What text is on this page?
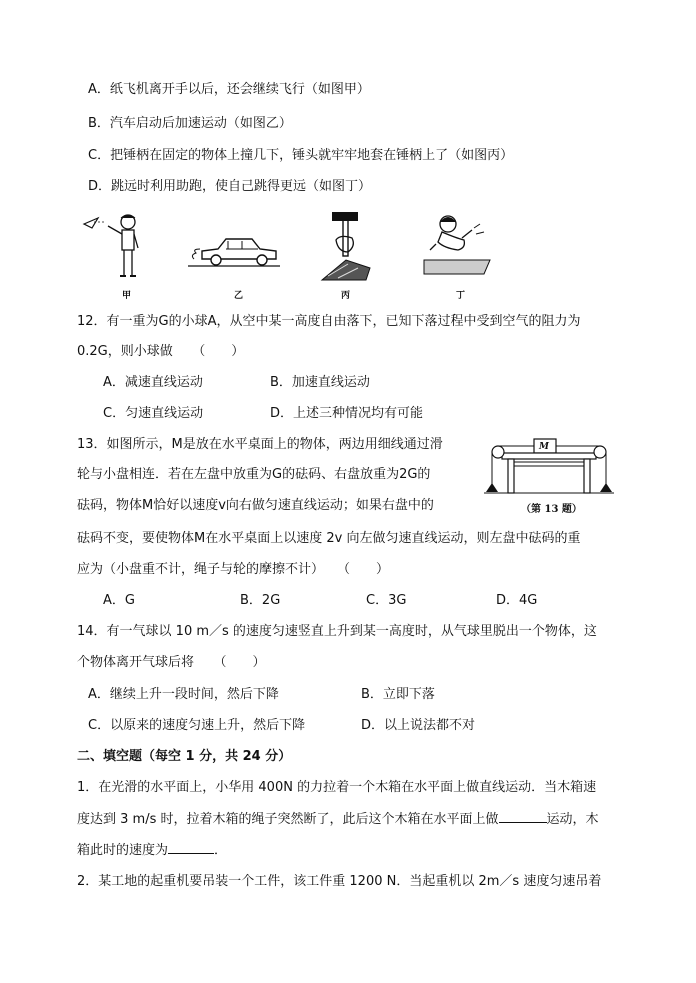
A．纸飞机离开手以后，还会继续飞行（如图甲）
B．汽车启动后加速运动（如图乙）
C．把锤柄在固定的物体上撞几下，锤头就牢牢地套在锤柄上了（如图丙）
D．跳远时利用助跑，使自己跳得更远（如图丁）
甲	乙	丙	丁
12．有一重为G的小球A，从空中某一高度自由落下，已知下落过程中受到空气的阻力为
0.2G，则小球做　　（　　）
A．减速直线运动	B．加速直线运动
C．匀速直线运动	D．上述三种情况均有可能
13．如图所示，M是放在水平桌面上的物体，两边用细线通过滑
轮与小盘相连．若在左盘中放重为G的砝码、右盘放重为2G的
砝码，物体M恰好以速度v向右做匀速直线运动；如果右盘中的
砝码不变，要使物体M在水平桌面上以速度 2v 向左做匀速直线运动，则左盘中砝码的重
应为（小盘重不计，绳子与轮的摩擦不计）　　（　　）
M
（第 13 题）
A．G	B．2G	C．3G	D．4G
14．有一气球以 10 m／s 的速度匀速竖直上升到某一高度时，从气球里脱出一个物体，这
个物体离开气球后将　　（　　）
A．继续上升一段时间，然后下降	B．立即下落
C．以原来的速度匀速上升，然后下降	D．以上说法都不对
二、填空题（每空 1 分，共 24 分）
1．在光滑的水平面上，小华用 400N 的力拉着一个木箱在水平面上做直线运动．当木箱速
度达到 3 m/s 时，拉着木箱的绳子突然断了，此后这个木箱在水平面上做	运动，木
箱此时的速度为	．
2．某工地的起重机要吊装一个工件，该工件重 1200 N．当起重机以 2m／s 速度匀速吊着
